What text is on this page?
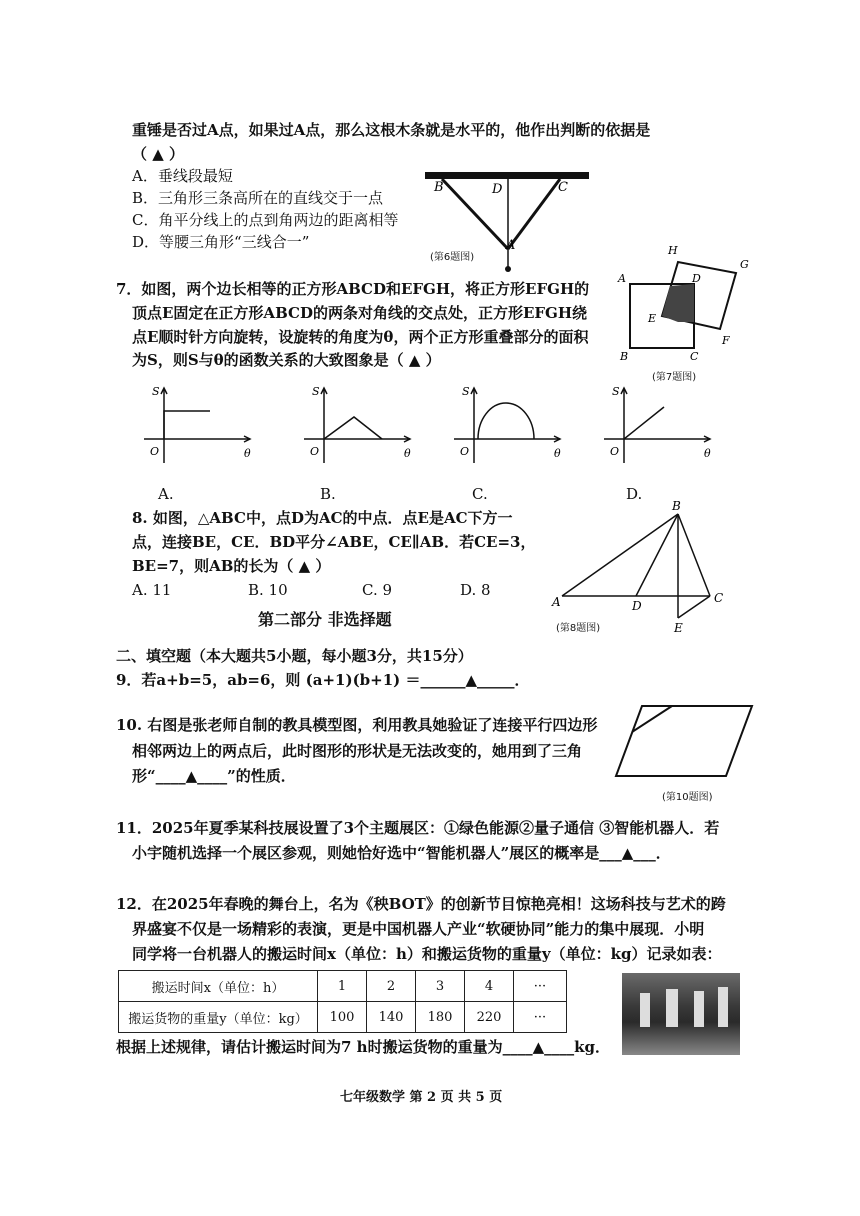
重锤是否过A点，如果过A点，那么这根木条就是水平的，他作出判断的依据是
（ ▲ ）
A．垂线段最短
B．三角形三条高所在的直线交于一点
C．角平分线上的点到角两边的距离相等
D．等腰三角形“三线合一”
B	D	C
A
(第6题图)
7．如图，两个边长相等的正方形ABCD和EFGH，将正方形EFGH的
顶点E固定在正方形ABCD的两条对角线的交点处，正方形EFGH绕
点E顺时针方向旋转，设旋转的角度为θ，两个正方形重叠部分的面积
为S，则S与θ的函数关系的大致图象是（ ▲ ）
H
G
A	D
E
F
B	C
(第7题图)
S
O	θ
S
O	θ
S
O	θ
S
O	θ
A.	B.	C.	D.
8. 如图，△ABC中，点D为AC的中点．点E是AC下方一
点，连接BE，CE．BD平分∠ABE，CE∥AB．若CE=3，
BE=7，则AB的长为（ ▲ ）
A. 11	B. 10	C. 9	D. 8
B
A	D
C
E
(第8题图)
第二部分 非选择题
二、填空题（本大题共5小题，每小题3分，共15分）
9．若a+b=5，ab=6，则 (a+1)(b+1) ＝______▲_____．
10. 右图是张老师自制的教具模型图，利用教具她验证了连接平行四边形
相邻两边上的两点后，此时图形的形状是无法改变的，她用到了三角
形“____▲____”的性质．
(第10题图)
11．2025年夏季某科技展设置了3个主题展区：①绿色能源②量子通信 ③智能机器人．若
小宇随机选择一个展区参观，则她恰好选中“智能机器人”展区的概率是___▲___．
12．在2025年春晚的舞台上，名为《秧BOT》的创新节目惊艳亮相！这场科技与艺术的跨
界盛宴不仅是一场精彩的表演，更是中国机器人产业“软硬协同”能力的集中展现．小明
同学将一台机器人的搬运时间x（单位：h）和搬运货物的重量y（单位：kg）记录如表：
搬运时间x（单位：h）	1	2	3	4	···
搬运货物的重量y（单位：kg）	100	140	180	220	···
根据上述规律，请估计搬运时间为7 h时搬运货物的重量为____▲____kg．
七年级数学 第 2 页 共 5 页
